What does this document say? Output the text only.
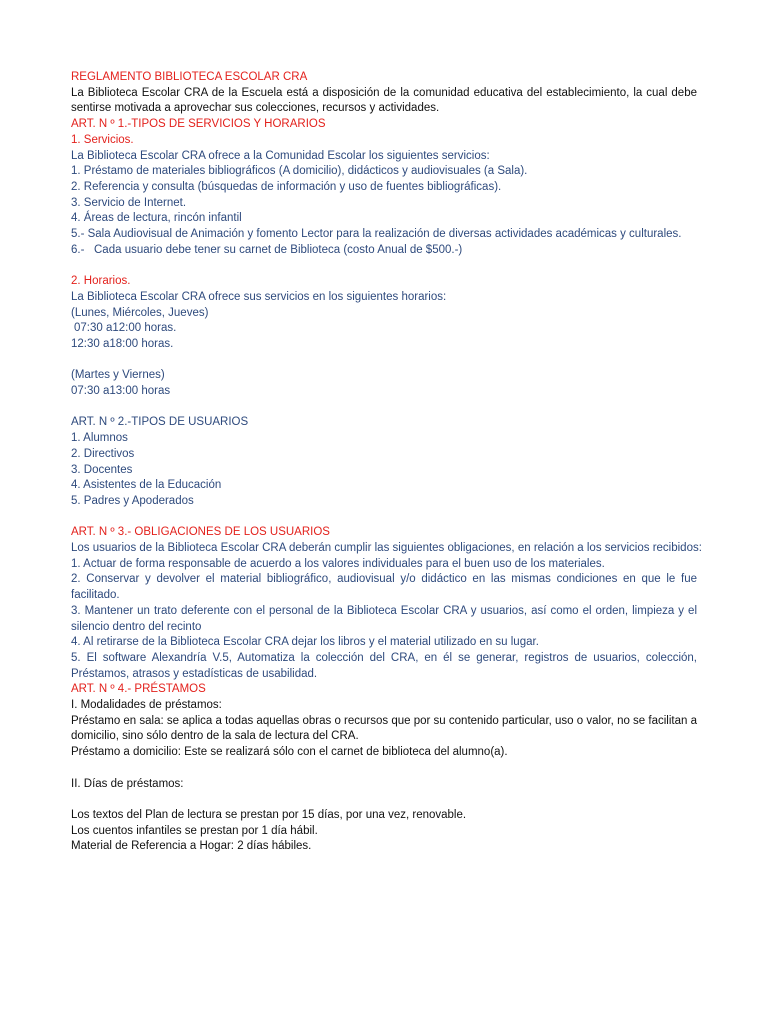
REGLAMENTO BIBLIOTECA ESCOLAR CRA
La Biblioteca Escolar CRA de la Escuela está a disposición de la comunidad educativa del establecimiento, la cual debe sentirse motivada a aprovechar sus colecciones, recursos y actividades.
ART. N º 1.-TIPOS DE SERVICIOS Y HORARIOS
1. Servicios.
La Biblioteca Escolar CRA ofrece a la Comunidad Escolar los siguientes servicios:
1. Préstamo de materiales bibliográficos (A domicilio), didácticos y audiovisuales (a Sala).
2. Referencia y consulta (búsquedas de información y uso de fuentes bibliográficas).
3. Servicio de Internet.
4. Áreas de lectura, rincón infantil
5.- Sala Audiovisual de Animación y fomento Lector para la realización de diversas actividades académicas y culturales.
6.-   Cada usuario debe tener su carnet de Biblioteca (costo Anual de $500.-)
2. Horarios.
La Biblioteca Escolar CRA ofrece sus servicios en los siguientes horarios:
(Lunes, Miércoles, Jueves)
07:30 a12:00 horas.
12:30 a18:00 horas.
(Martes y Viernes)
07:30 a13:00 horas
ART. N º 2.-TIPOS DE USUARIOS
1. Alumnos
2. Directivos
3. Docentes
4. Asistentes de la Educación
5. Padres y Apoderados
ART. N º 3.- OBLIGACIONES DE LOS USUARIOS
Los usuarios de la Biblioteca Escolar CRA deberán cumplir las siguientes obligaciones, en relación a los servicios recibidos:
1. Actuar de forma responsable de acuerdo a los valores individuales para el buen uso de los materiales.
2. Conservar y devolver el material bibliográfico, audiovisual y/o didáctico en las mismas condiciones en que le fue facilitado.
3. Mantener un trato deferente con el personal de la Biblioteca Escolar CRA y usuarios, así como el orden, limpieza y el silencio dentro del recinto
4. Al retirarse de la Biblioteca Escolar CRA dejar los libros y el material utilizado en su lugar.
5. El software Alexandría V.5, Automatiza la colección del CRA, en él se generar, registros de usuarios, colección, Préstamos, atrasos y estadísticas de usabilidad.
ART. N º 4.- PRÉSTAMOS
I. Modalidades de préstamos:
Préstamo en sala: se aplica a todas aquellas obras o recursos que por su contenido particular, uso o valor, no se facilitan a domicilio, sino sólo dentro de la sala de lectura del CRA.
Préstamo a domicilio: Este se realizará sólo con el carnet de biblioteca del alumno(a).
II. Días de préstamos:
Los textos del Plan de lectura se prestan por 15 días, por una vez, renovable.
Los cuentos infantiles se prestan por 1 día hábil.
Material de Referencia a Hogar: 2 días hábiles.
